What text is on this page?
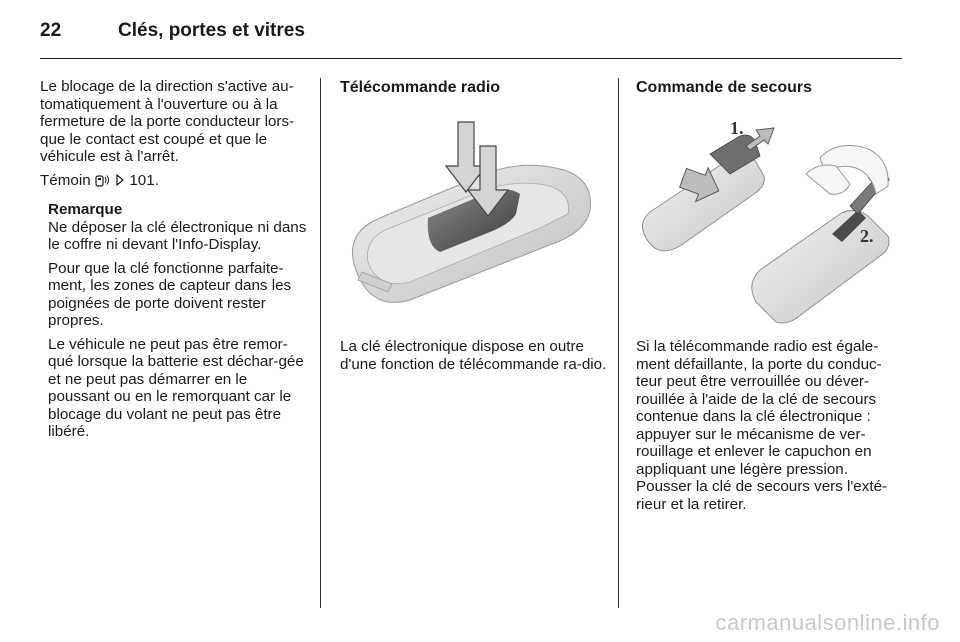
22	Clés, portes et vitres

Le blocage de la direction s'active au-tomatiquement à l'ouverture ou à la fermeture de la porte conducteur lors-que le contact est coupé et que le véhicule est à l'arrêt.

Témoin	101.

Remarque

Ne déposer la clé électronique ni dans le coffre ni devant l'Info-Display.

Pour que la clé fonctionne parfaite-ment, les zones de capteur dans les poignées de porte doivent rester propres.

Le véhicule ne peut pas être remor-qué lorsque la batterie est déchar-gée et ne peut pas démarrer en le poussant ou en le remorquant car le blocage du volant ne peut pas être libéré.

Télécommande radio

La clé électronique dispose en outre d'une fonction de télécommande ra-dio.

Commande de secours
1.
2.

Si la télécommande radio est égale-ment défaillante, la porte du conduc-teur peut être verrouillée ou déver-rouillée à l'aide de la clé de secours contenue dans la clé électronique : appuyer sur le mécanisme de ver-rouillage et enlever le capuchon en appliquant une légère pression. Pousser la clé de secours vers l'exté-rieur et la retirer.

carmanualsonline.info
